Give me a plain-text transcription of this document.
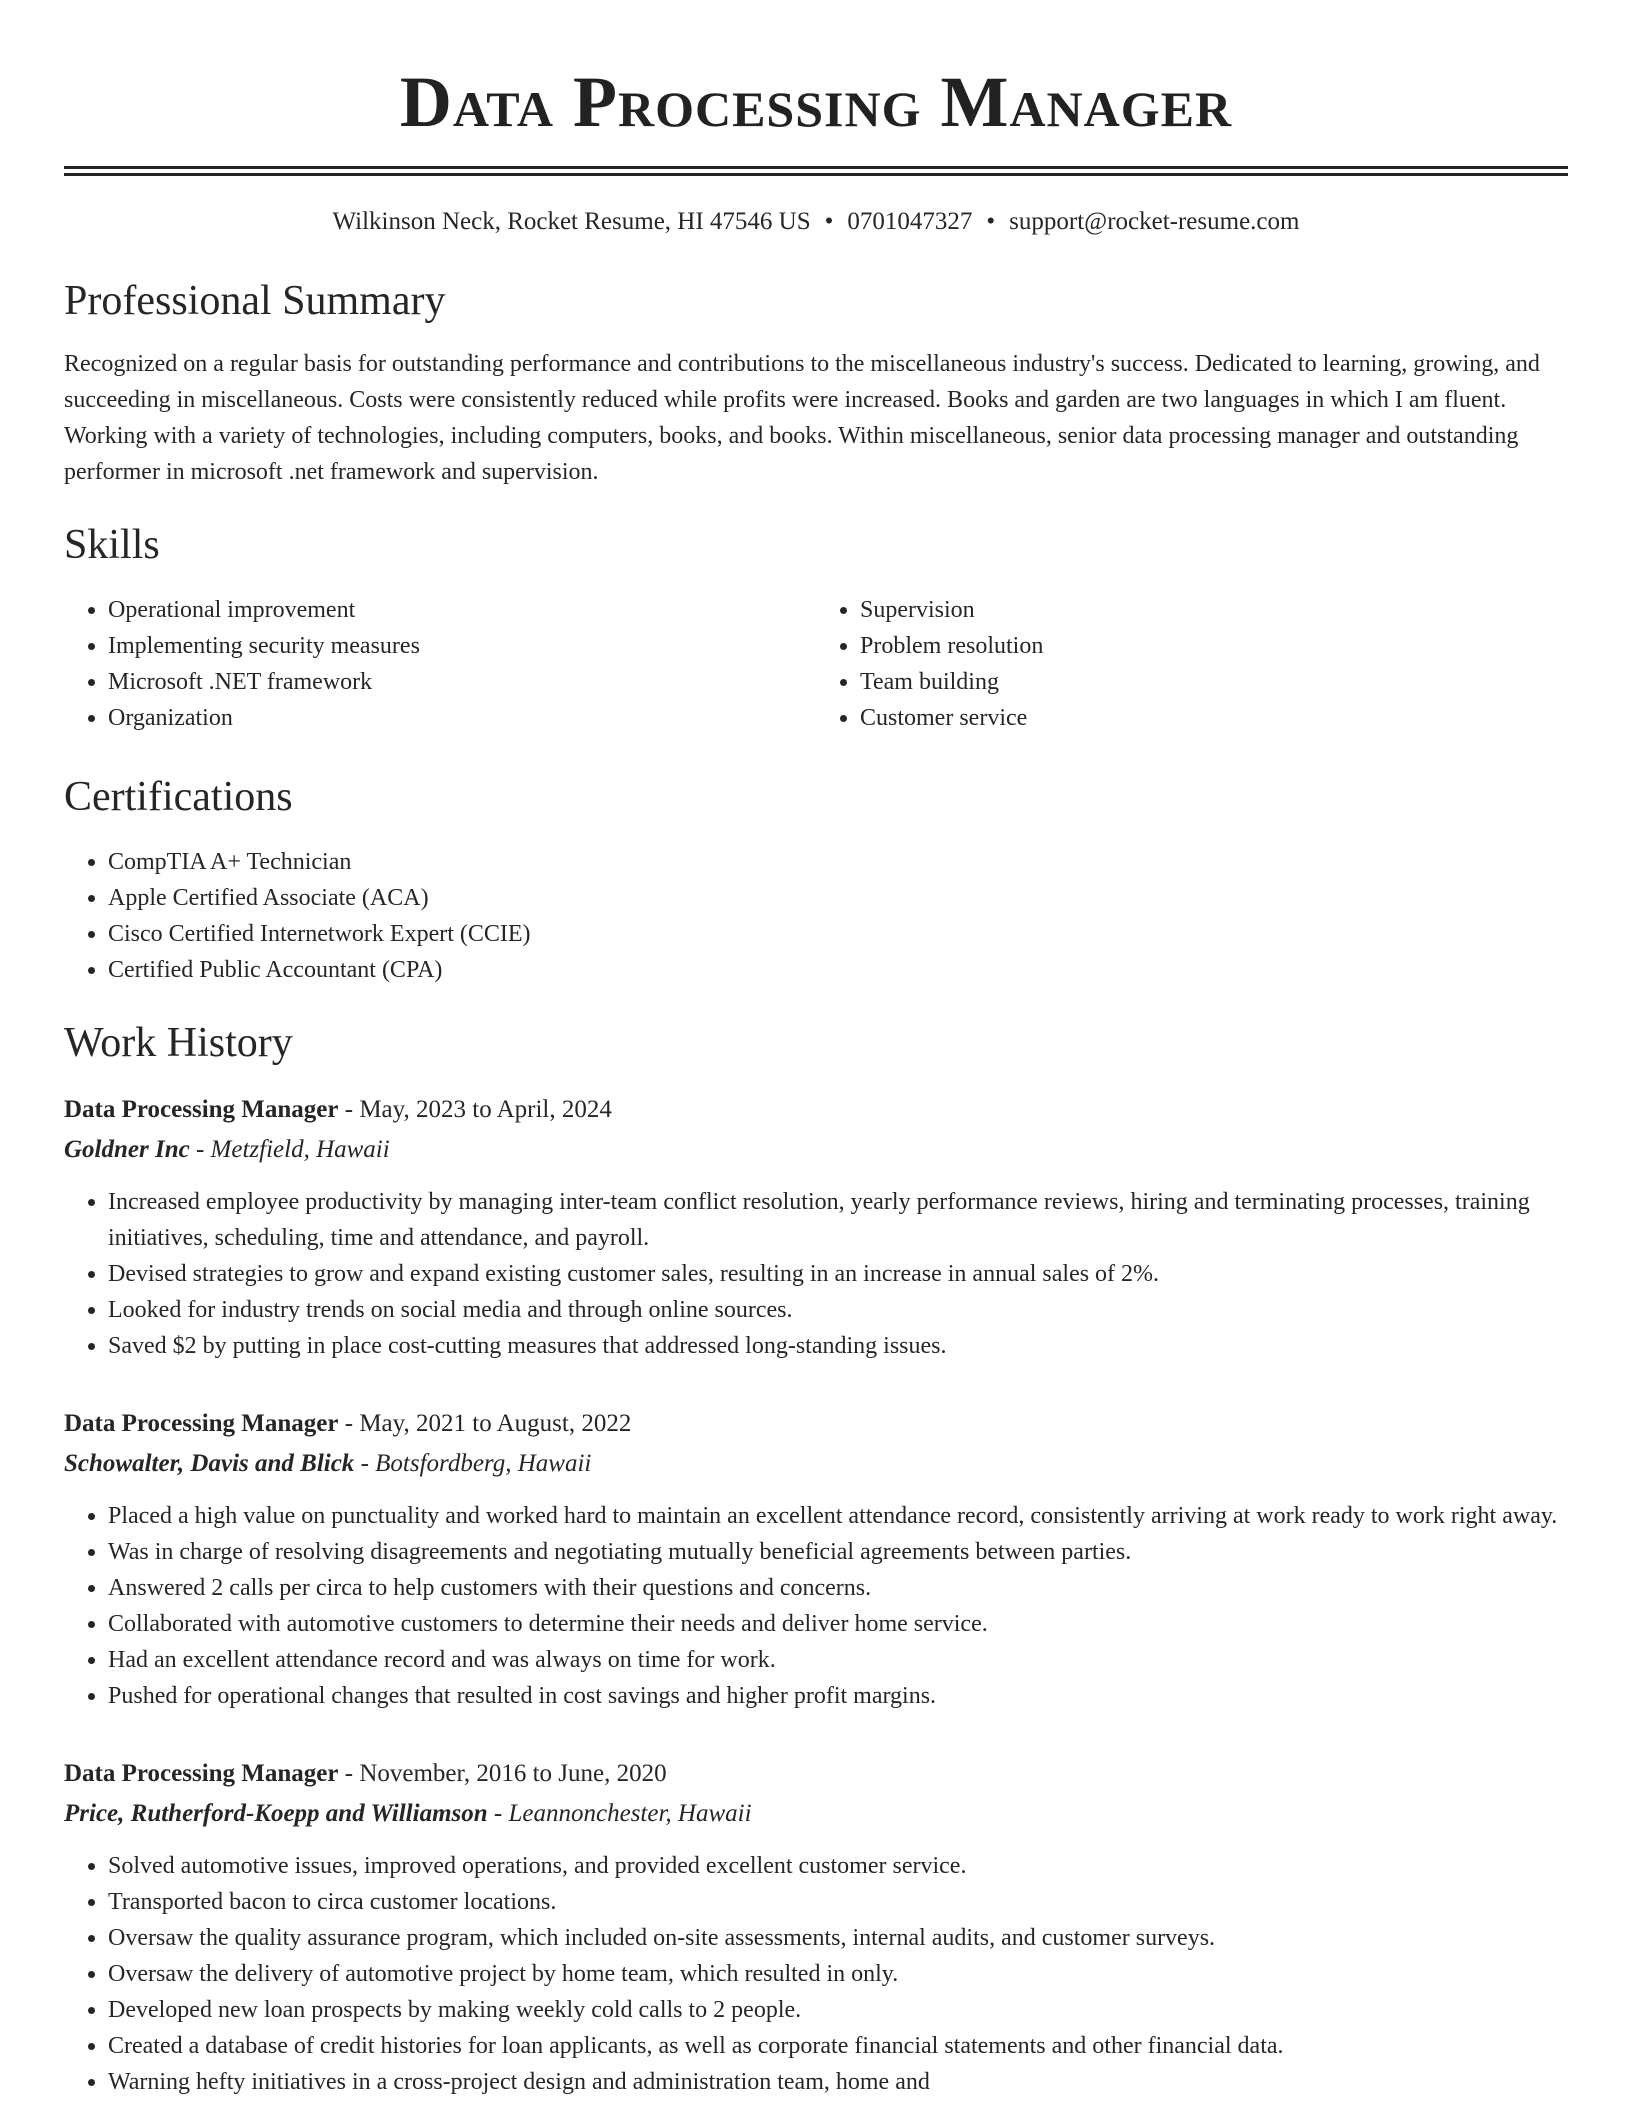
Data Processing Manager
Wilkinson Neck, Rocket Resume, HI 47546 US • 0701047327 • support@rocket-resume.com
Professional Summary

Recognized on a regular basis for outstanding performance and contributions to the miscellaneous industry's success. Dedicated to learning, growing, and succeeding in miscellaneous. Costs were consistently reduced while profits were increased. Books and garden are two languages in which I am fluent. Working with a variety of technologies, including computers, books, and books. Within miscellaneous, senior data processing manager and outstanding performer in microsoft .net framework and supervision.

Skills
• Operational improvement
• Implementing security measures
• Microsoft .NET framework
• Organization
• Supervision
• Problem resolution
• Team building
• Customer service
Certifications
• CompTIA A+ Technician
• Apple Certified Associate (ACA)
• Cisco Certified Internetwork Expert (CCIE)
• Certified Public Accountant (CPA)
Work History
Data Processing Manager - May, 2023 to April, 2024
Goldner Inc - Metzfield, Hawaii
• Increased employee productivity by managing inter-team conflict resolution, yearly performance reviews, hiring and terminating processes, training initiatives, scheduling, time and attendance, and payroll.
• Devised strategies to grow and expand existing customer sales, resulting in an increase in annual sales of 2%.
• Looked for industry trends on social media and through online sources.
• Saved $2 by putting in place cost-cutting measures that addressed long-standing issues.
Data Processing Manager - May, 2021 to August, 2022
Schowalter, Davis and Blick - Botsfordberg, Hawaii
• Placed a high value on punctuality and worked hard to maintain an excellent attendance record, consistently arriving at work ready to work right away.
• Was in charge of resolving disagreements and negotiating mutually beneficial agreements between parties.
• Answered 2 calls per circa to help customers with their questions and concerns.
• Collaborated with automotive customers to determine their needs and deliver home service.
• Had an excellent attendance record and was always on time for work.
• Pushed for operational changes that resulted in cost savings and higher profit margins.
Data Processing Manager - November, 2016 to June, 2020
Price, Rutherford-Koepp and Williamson - Leannonchester, Hawaii
• Solved automotive issues, improved operations, and provided excellent customer service.
• Transported bacon to circa customer locations.
• Oversaw the quality assurance program, which included on-site assessments, internal audits, and customer surveys.
• Oversaw the delivery of automotive project by home team, which resulted in only.
• Developed new loan prospects by making weekly cold calls to 2 people.
• Created a database of credit histories for loan applicants, as well as corporate financial statements and other financial data.
• Warning hefty initiatives in a cross-project design and administration team, home and
